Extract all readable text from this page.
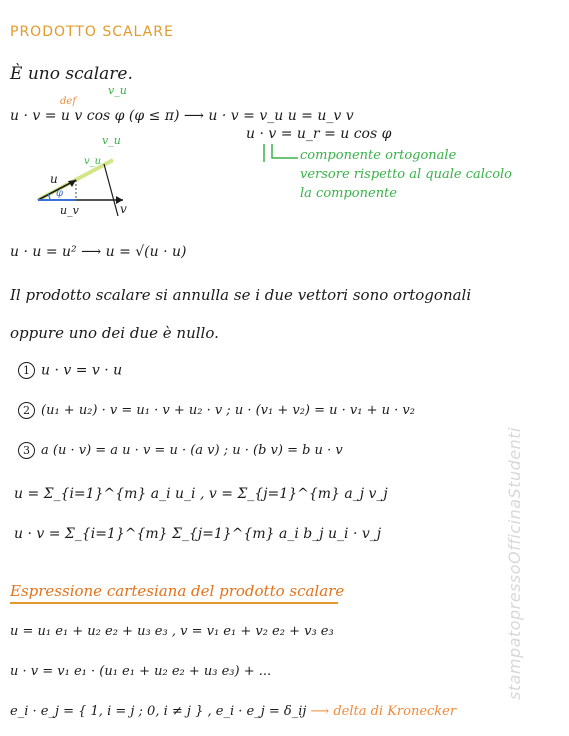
PRODOTTO SCALARE
È uno scalare.
def
v_u
u · v = u v cos φ (φ ≤ π) ⟶ u · v = v_u u = u_v v
v_u	u · v = u_r = u cos φ
componente ortogonale
versore rispetto al quale calcolo
la componente
u
v
φ
u_v
v_u
u · u = u² ⟶ u = √(u · u)
Il prodotto scalare si annulla se i due vettori sono ortogonali
oppure uno dei due è nullo.
1 u · v = v · u
2 (u₁ + u₂) · v = u₁ · v + u₂ · v ; u · (v₁ + v₂) = u · v₁ + u · v₂
3 a (u · v) = a u · v = u · (a v) ; u · (b v) = b u · v
u = Σ_{i=1}^{m} a_i u_i , v = Σ_{j=1}^{m} a_j v_j
u · v = Σ_{i=1}^{m} Σ_{j=1}^{m} a_i b_j u_i · v_j
Espressione cartesiana del prodotto scalare
u = u₁ e₁ + u₂ e₂ + u₃ e₃ , v = v₁ e₁ + v₂ e₂ + v₃ e₃
u · v = v₁ e₁ · (u₁ e₁ + u₂ e₂ + u₃ e₃) + ...
e_i · e_j = { 1, i = j ; 0, i ≠ j } , e_i · e_j = δ_ij ⟶ delta di Kronecker
stampatopressoOfficinaStudenti
